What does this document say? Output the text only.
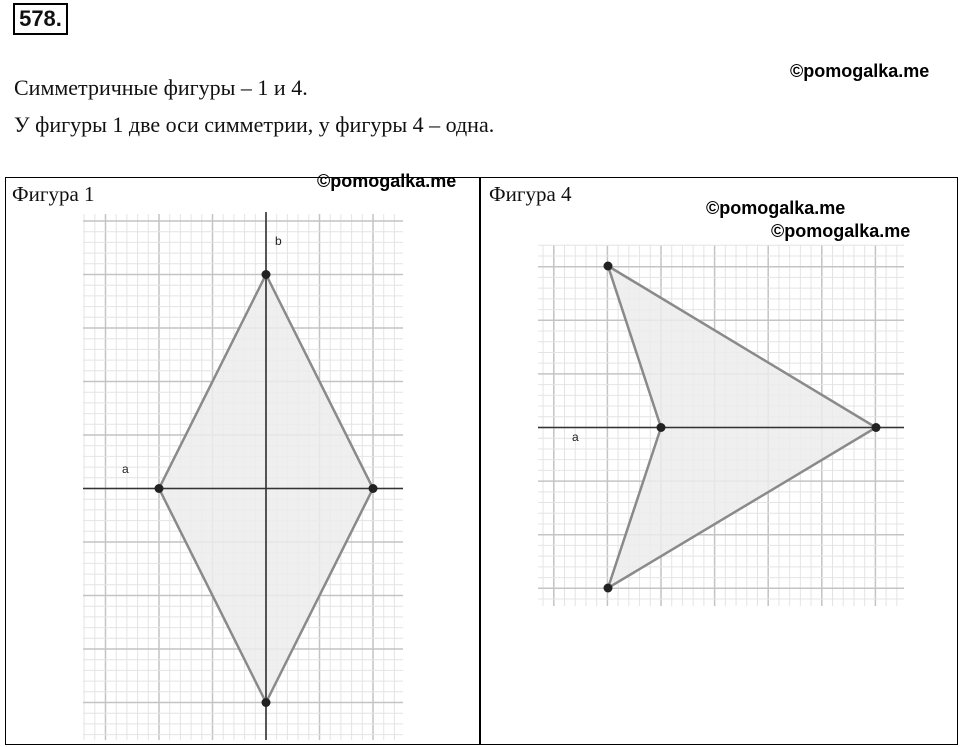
578.
Симметричные фигуры – 1 и 4.
У фигуры 1 две оси симметрии, у фигуры 4 – одна.
©pomogalka.me
Фигура 1	Фигура 4
©pomogalka.me
©pomogalka.me
©pomogalka.me
a
b
a
